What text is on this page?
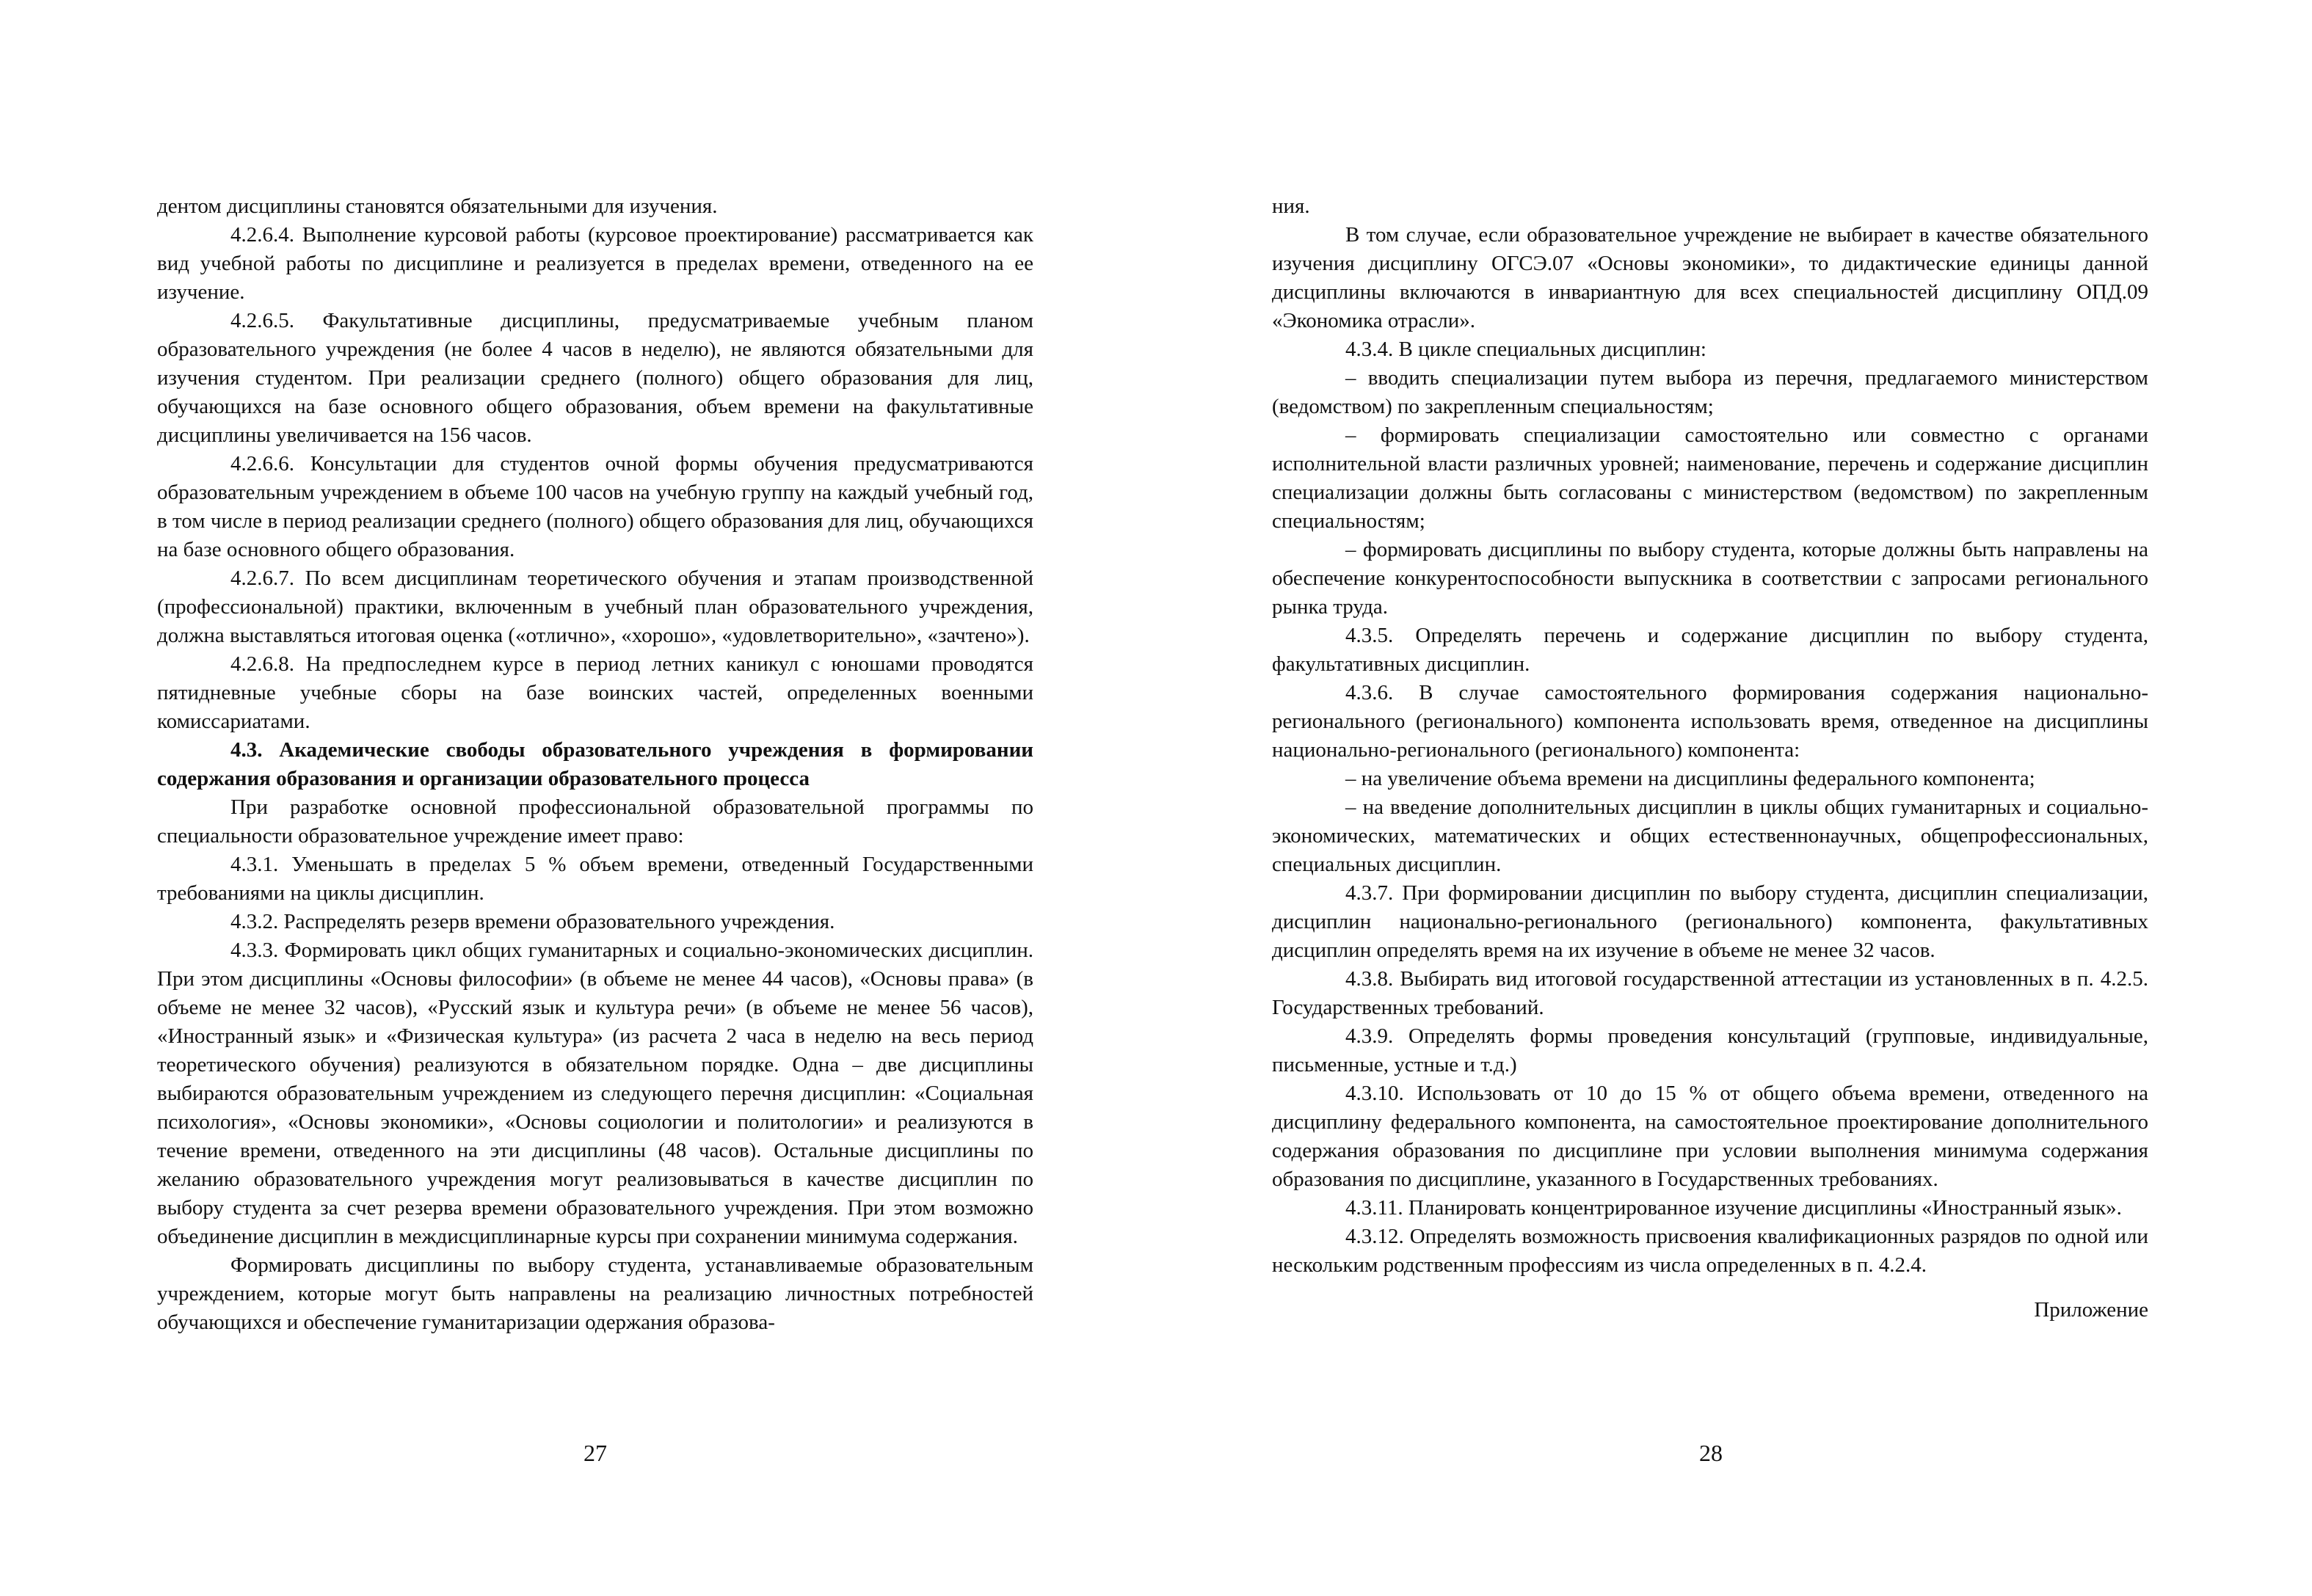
дентом дисциплины становятся обязательными для изучения.

4.2.6.4. Выполнение курсовой работы (курсовое проектирование) рассматривается как вид учебной работы по дисциплине и реализуется в пределах времени, отведенного на ее изучение.

4.2.6.5. Факультативные дисциплины, предусматриваемые учебным планом образовательного учреждения (не более 4 часов в неделю), не являются обязательными для изучения студентом. При реализации среднего (полного) общего образования для лиц, обучающихся на базе основного общего образования, объем времени на факультативные дисциплины увеличивается на 156 часов.

4.2.6.6. Консультации для студентов очной формы обучения предусматриваются образовательным учреждением в объеме 100 часов на учебную группу на каждый учебный год, в том числе в период реализации среднего (полного) общего образования для лиц, обучающихся на базе основного общего образования.

4.2.6.7. По всем дисциплинам теоретического обучения и этапам производственной (профессиональной) практики, включенным в учебный план образовательного учреждения, должна выставляться итоговая оценка («отлично», «хорошо», «удовлетворительно», «зачтено»).

4.2.6.8. На предпоследнем курсе в период летних каникул с юношами проводятся пятидневные учебные сборы на базе воинских частей, определенных военными комиссариатами.

4.3. Академические свободы образовательного учреждения в формировании содержания образования и организации образовательного процесса

При разработке основной профессиональной образовательной программы по специальности образовательное учреждение имеет право:

4.3.1. Уменьшать в пределах 5 % объем времени, отведенный Государственными требованиями на циклы дисциплин.

4.3.2. Распределять резерв времени образовательного учреждения.

4.3.3. Формировать цикл общих гуманитарных и социально-экономических дисциплин. При этом дисциплины «Основы философии» (в объеме не менее 44 часов), «Основы права» (в объеме не менее 32 часов), «Русский язык и культура речи» (в объеме не менее 56 часов), «Иностранный язык» и «Физическая культура» (из расчета 2 часа в неделю на весь период теоретического обучения) реализуются в обязательном порядке. Одна – две дисциплины выбираются образовательным учреждением из следующего перечня дисциплин: «Социальная психология», «Основы экономики», «Основы социологии и политологии» и реализуются в течение времени, отведенного на эти дисциплины (48 часов). Остальные дисциплины по желанию образовательного учреждения могут реализовываться в качестве дисциплин по выбору студента за счет резерва времени образовательного учреждения. При этом возможно объединение дисциплин в междисциплинарные курсы при сохранении минимума содержания.

Формировать дисциплины по выбору студента, устанавливаемые образовательным учреждением, которые могут быть направлены на реализацию личностных потребностей обучающихся и обеспечение гуманитаризации одержания образова-

27

ния.

В том случае, если образовательное учреждение не выбирает в качестве обязательного изучения дисциплину ОГСЭ.07 «Основы экономики», то дидактические единицы данной дисциплины включаются в инвариантную для всех специальностей дисциплину ОПД.09 «Экономика отрасли».

4.3.4. В цикле специальных дисциплин:

– вводить специализации путем выбора из перечня, предлагаемого министерством (ведомством) по закрепленным специальностям;

– формировать специализации самостоятельно или совместно с органами исполнительной власти различных уровней; наименование, перечень и содержание дисциплин специализации должны быть согласованы с министерством (ведомством) по закрепленным специальностям;

– формировать дисциплины по выбору студента, которые должны быть направлены на обеспечение конкурентоспособности выпускника в соответствии с запросами регионального рынка труда.

4.3.5. Определять перечень и содержание дисциплин по выбору студента, факультативных дисциплин.

4.3.6. В случае самостоятельного формирования содержания национально-регионального (регионального) компонента использовать время, отведенное на дисциплины национально-регионального (регионального) компонента:

– на увеличение объема времени на дисциплины федерального компонента;

– на введение дополнительных дисциплин в циклы общих гуманитарных и социально-экономических, математических и общих естественнонаучных, общепрофессиональных, специальных дисциплин.

4.3.7. При формировании дисциплин по выбору студента, дисциплин специализации, дисциплин национально-регионального (регионального) компонента, факультативных дисциплин определять время на их изучение в объеме не менее 32 часов.

4.3.8. Выбирать вид итоговой государственной аттестации из установленных в п. 4.2.5. Государственных требований.

4.3.9. Определять формы проведения консультаций (групповые, индивидуальные, письменные, устные и т.д.)

4.3.10. Использовать от 10 до 15 % от общего объема времени, отведенного на дисциплину федерального компонента, на самостоятельное проектирование дополнительного содержания образования по дисциплине при условии выполнения минимума содержания образования по дисциплине, указанного в Государственных требованиях.

4.3.11. Планировать концентрированное изучение дисциплины «Иностранный язык».

4.3.12. Определять возможность присвоения квалификационных разрядов по одной или нескольким родственным профессиям из числа определенных в п. 4.2.4.

Приложение

28
